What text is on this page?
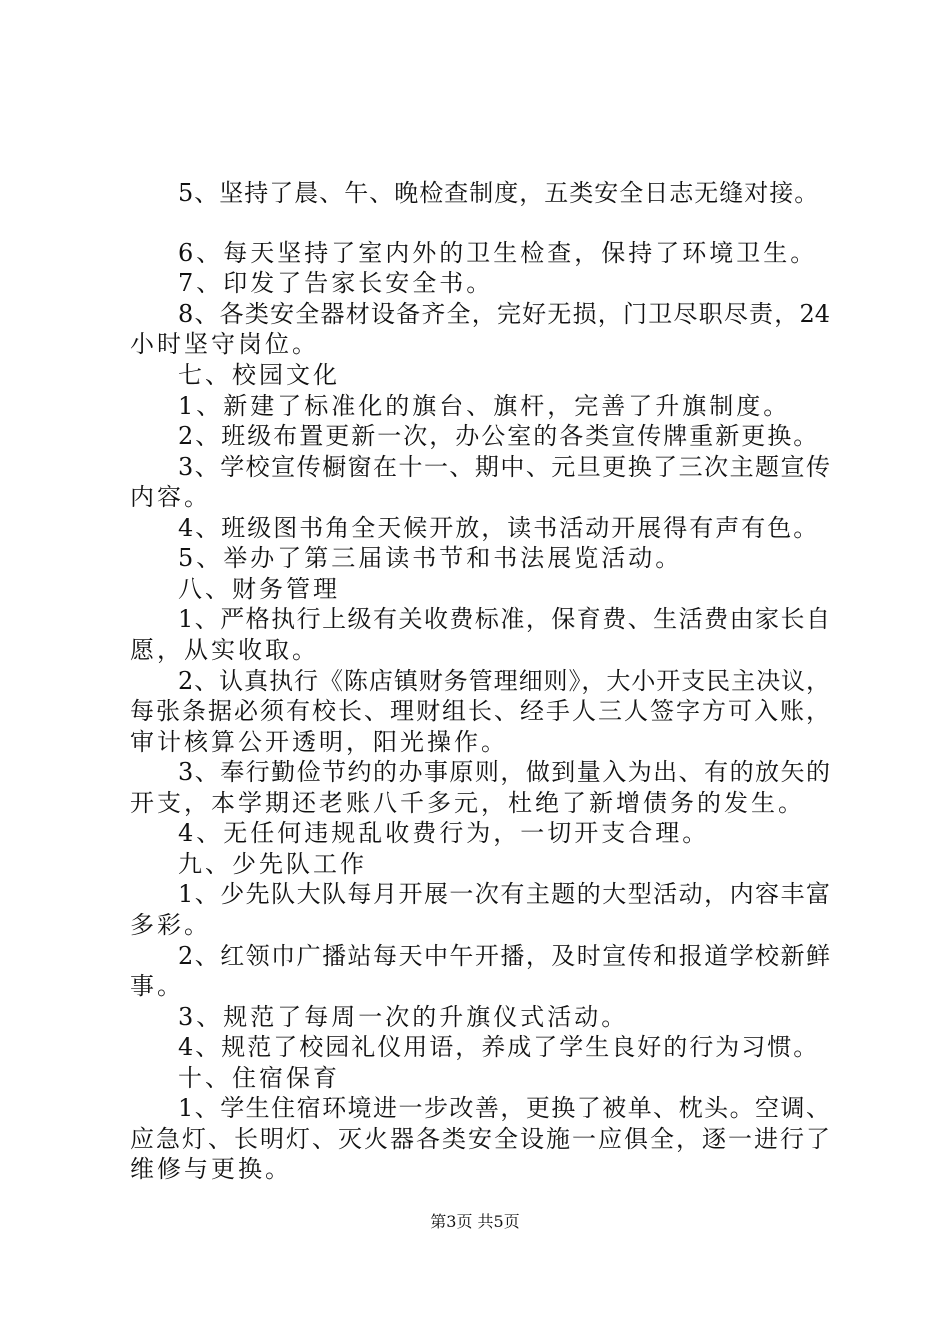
5、坚持了晨、午、晚检查制度，五类安全日志无缝对接。
6、每天坚持了室内外的卫生检查，保持了环境卫生。
7、印发了告家长安全书。
8、各类安全器材设备齐全，完好无损，门卫尽职尽责，24
小时坚守岗位。
七、校园文化
1、新建了标准化的旗台、旗杆，完善了升旗制度。
2、班级布置更新一次，办公室的各类宣传牌重新更换。
3、学校宣传橱窗在十一、期中、元旦更换了三次主题宣传
内容。
4、班级图书角全天候开放，读书活动开展得有声有色。
5、举办了第三届读书节和书法展览活动。
八、财务管理
1、严格执行上级有关收费标准，保育费、生活费由家长自
愿，从实收取。
2、认真执行《陈店镇财务管理细则》，大小开支民主决议，
每张条据必须有校长、理财组长、经手人三人签字方可入账，
审计核算公开透明，阳光操作。
3、奉行勤俭节约的办事原则，做到量入为出、有的放矢的
开支，本学期还老账八千多元，杜绝了新增债务的发生。
4、无任何违规乱收费行为，一切开支合理。
九、少先队工作
1、少先队大队每月开展一次有主题的大型活动，内容丰富
多彩。
2、红领巾广播站每天中午开播，及时宣传和报道学校新鲜
事。
3、规范了每周一次的升旗仪式活动。
4、规范了校园礼仪用语，养成了学生良好的行为习惯。
十、住宿保育
1、学生住宿环境进一步改善，更换了被单、枕头。空调、
应急灯、长明灯、灭火器各类安全设施一应俱全，逐一进行了
维修与更换。
第3页 共5页
